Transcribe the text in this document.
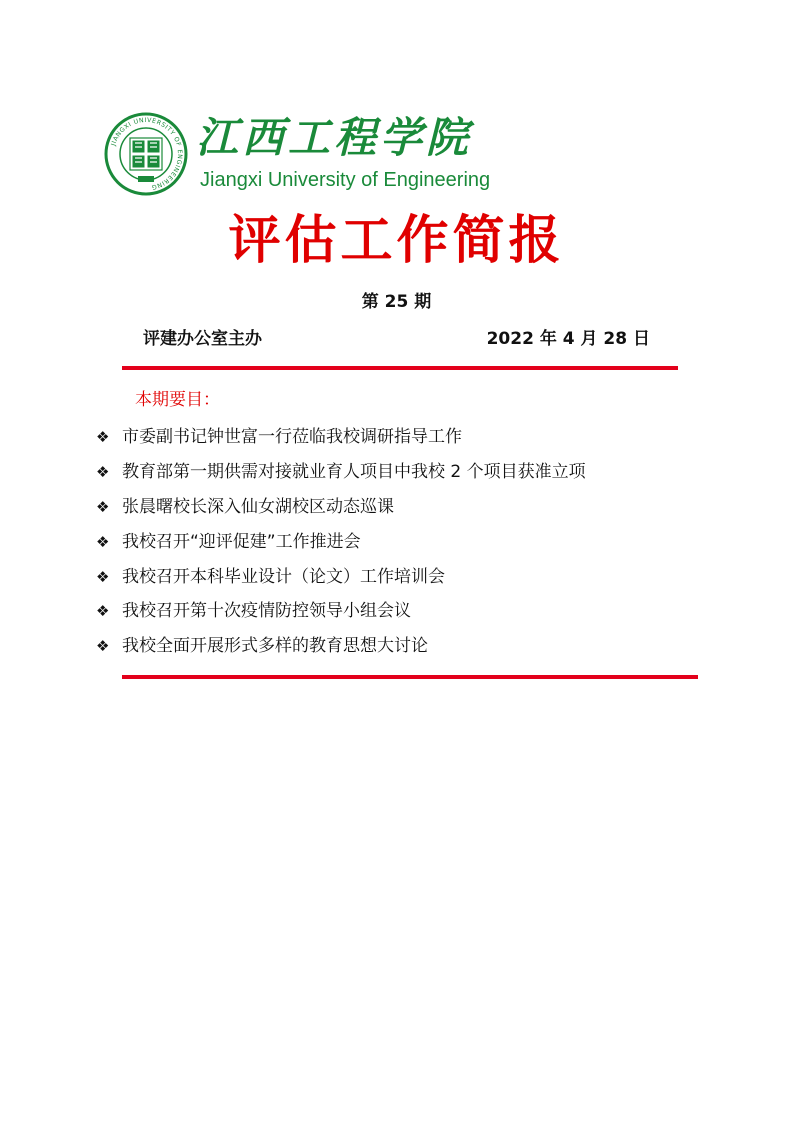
JIANGXI UNIVERSITY OF ENGINEERING
江西工程学院
Jiangxi University of Engineering
评估工作简报
第 25 期
评建办公室主办	2022 年 4 月 28 日
本期要目：
❖ 市委副书记钟世富一行莅临我校调研指导工作
❖ 教育部第一期供需对接就业育人项目中我校 2 个项目获准立项
❖ 张晨曙校长深入仙女湖校区动态巡课
❖ 我校召开“迎评促建”工作推进会
❖ 我校召开本科毕业设计（论文）工作培训会
❖ 我校召开第十次疫情防控领导小组会议
❖ 我校全面开展形式多样的教育思想大讨论
